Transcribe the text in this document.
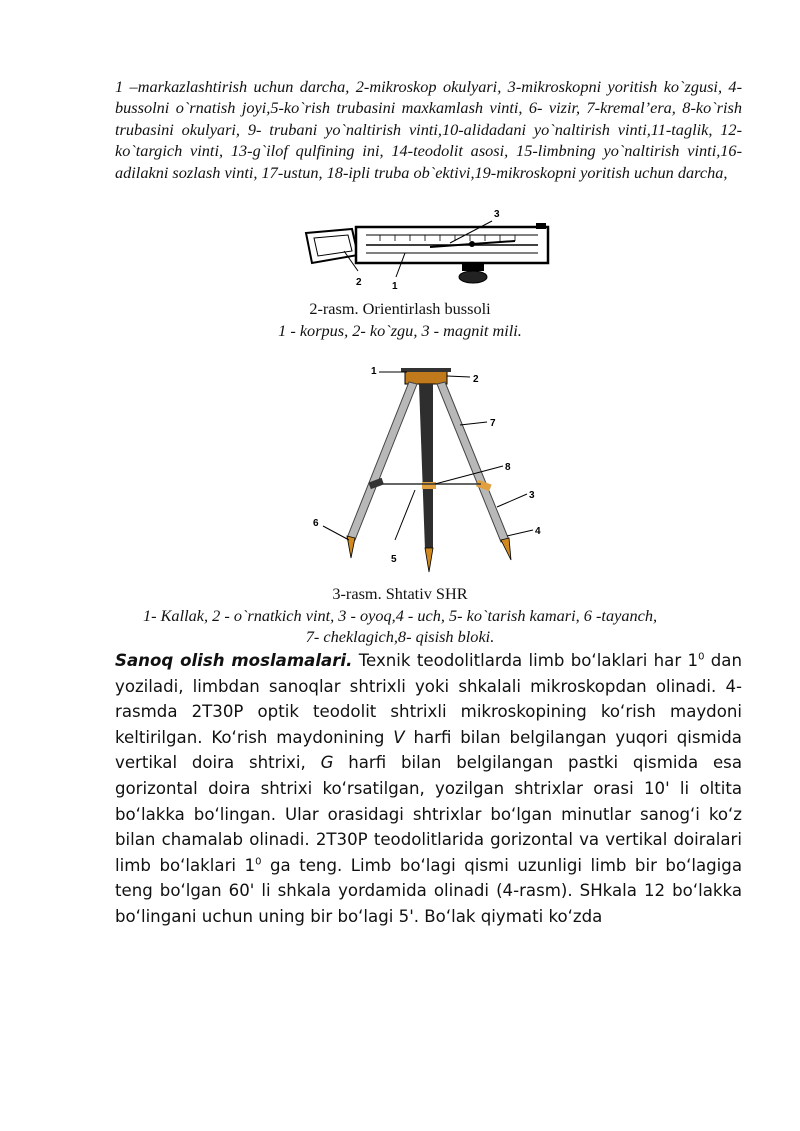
1 –markazlashtirish uchun darcha, 2-mikroskop okulyari, 3-mikroskopni yoritish ko`zgusi, 4-bussolni o`rnatish joyi,5-ko`rish trubasini maxkamlash vinti, 6- vizir, 7-kremal’era, 8-ko`rish trubasini okulyari, 9- trubani yo`naltirish vinti,10-alidadani yo`naltirish vinti,11-taglik, 12-ko`targich vinti, 13-g`ilof qulfining ini, 14-teodolit asosi, 15-limbning yo`naltirish vinti,16-adilakni sozlash vinti, 17-ustun, 18-ipli truba ob`ektivi,19-mikroskopni yoritish uchun darcha,

2	1
3

2-rasm. Orientirlash bussoli

1 - korpus, 2- ko`zgu, 3 - magnit mili.

1
2
7
8
3
4
5
6

3-rasm. Shtativ SHR

1- Kallak, 2 - o`rnatkich vint, 3 - oyoq,4 - uch, 5- ko`tarish kamari, 6 -tayanch,

7- cheklagich,8- qisish bloki.

Sanoq olish moslamalari. Texnik teodolitlarda limb boʻlaklari har $1^0$ dan yoziladi, limbdan sanoqlar shtrixli yoki shkalali mikroskopdan olinadi. 4- rasmda 2T30P optik teodolit shtrixli mikroskopining koʻrish maydoni keltirilgan. Koʻrish maydonining V harfi bilan belgilangan yuqori qismida vertikal doira shtrixi, G harfi bilan belgilangan pastki qismida esa gorizontal doira shtrixi koʻrsatilgan, yozilgan shtrixlar orasi 10' li oltita boʻlakka boʻlingan. Ular orasidagi shtrixlar boʻlgan minutlar sanogʻi koʻz bilan chamalab olinadi. 2T30P teodolitlarida gorizontal va vertikal doiralari limb boʻlaklari $1^0$ ga teng. Limb boʻlagi qismi uzunligi limb bir boʻlagiga teng boʻlgan 60' li shkala yordamida olinadi (4-rasm). SHkala 12 boʻlakka boʻlingani uchun uning bir boʻlagi 5'. Boʻlak qiymati koʻzda
